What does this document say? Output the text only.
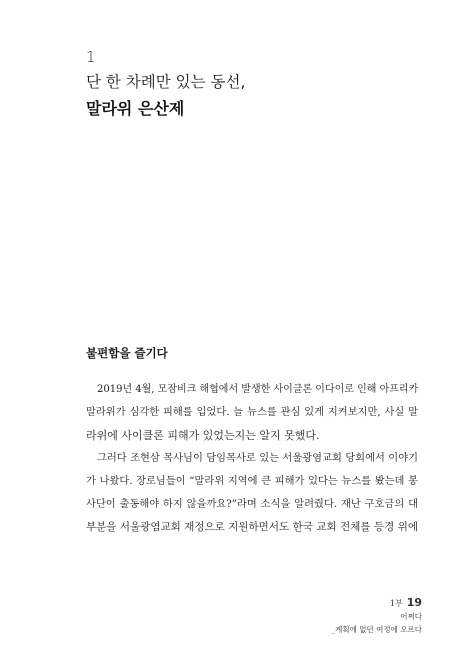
1
단 한 차례만 있는 동선,
말라위 은산제
불편함을 즐기다
2019년 4월, 모잠비크 해협에서 발생한 사이클론 이다이로 인해 아프리카
말라위가 심각한 피해를 입었다. 늘 뉴스를 관심 있게 지켜보지만, 사실 말
라위에 사이클론 피해가 있었는지는 알지 못했다.
그러다 조현삼 목사님이 담임목사로 있는 서울광염교회 당회에서 이야기
가 나왔다. 장로님들이 “말라위 지역에 큰 피해가 있다는 뉴스를 봤는데 봉
사단이 출동해야 하지 않을까요?”라며 소식을 알려줬다. 재난 구호금의 대
부분을 서울광염교회 재정으로 지원하면서도 한국 교회 전체를 등경 위에
1부 19
어쩌다
_계획에 없던 여정에 오르다
